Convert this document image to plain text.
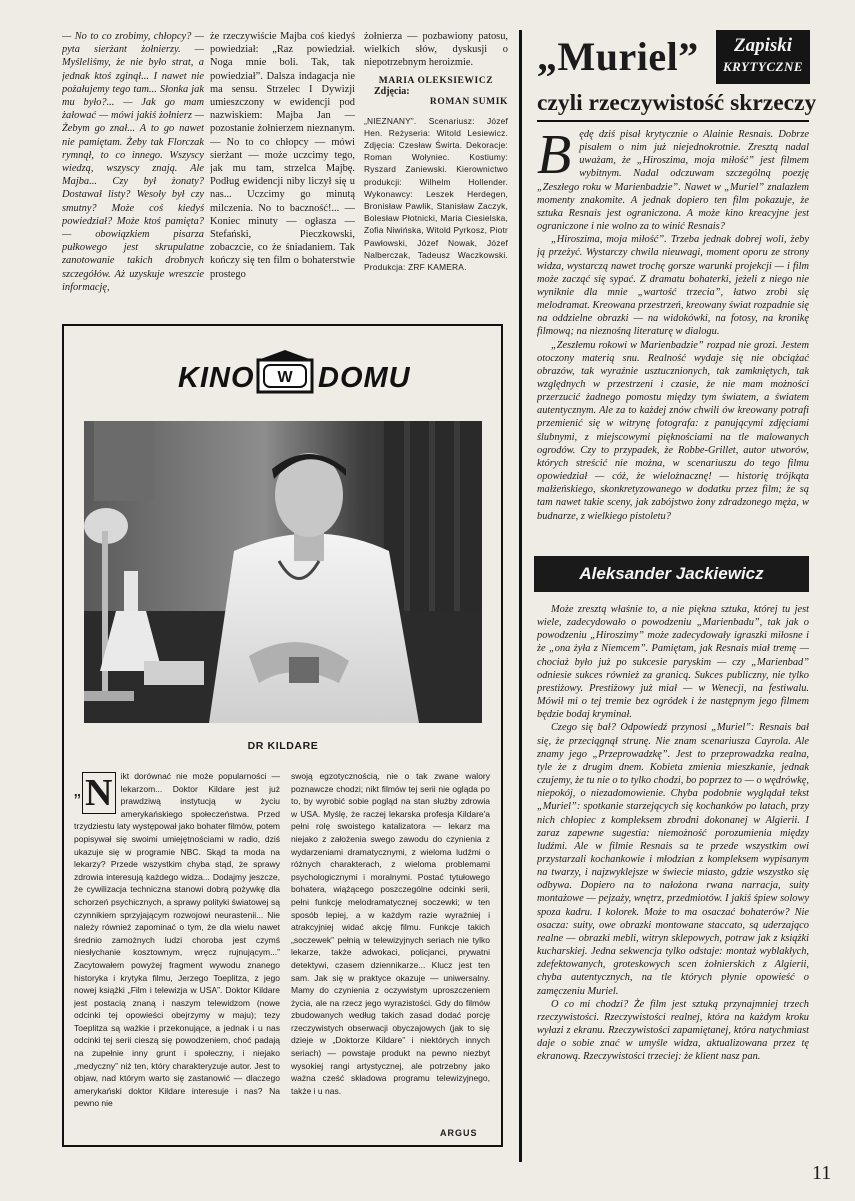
— No to co zrobimy, chłopcy? — pyta sierżant żołnierzy. — Myśleliśmy, że nie było strat, a jednak ktoś zginął... I nawet nie pożałujemy tego tam... Słonka jak mu było?... — Jak go mam żałować — mówi jakiś żołnierz — Żebym go znał... A to go nawet nie pamiętam. Żeby tak Florczak rymnął, to co innego. Wszyscy wiedzą, wszyscy znają. Ale Majba... Czy był żonaty? Dostawał listy? Wesoły był czy smutny? Może coś kiedyś powiedział? Może ktoś pamięta? — obowiązkiem pisarza pułkowego jest skrupulatne zanotowanie takich drobnych szczegółów. Aż uzyskuje wreszcie informację,

że rzeczywiście Majba coś kiedyś powiedział: „Raz powiedział. Noga mnie boli. Tak, tak powiedział”. Dalsza indagacja nie ma sensu. Strzelec I Dywizji umieszczony w ewidencji pod nazwiskiem: Majba Jan — pozostanie żołnierzem nieznanym. — No to co chłopcy — mówi sierżant — może uczcimy tego, jak mu tam, strzelca Majbę. Podług ewidencji niby liczył się u nas... Uczcimy go minutą milczenia. No to baczność!... — Koniec minuty — ogłasza — Stefański, Pieczkowski, zobaczcie, co że śniadaniem. Tak kończy się ten film o bohaterstwie prostego

żołnierza — pozbawiony patosu, wielkich słów, dyskusji o niepotrzebnym heroizmie.

MARIA OLEKSIEWICZ
Zdjęcia:
ROMAN SUMIK

„NIEZNANY”. Scenariusz: Józef Hen. Reżyseria: Witold Lesiewicz. Zdjęcia: Czesław Świrta. Dekoracje: Roman Wołyniec. Kostiumy: Ryszard Zaniewski. Kierownictwo produkcji: Wilhelm Hollender. Wykonawcy: Leszek Herdegen, Bronisław Pawlik, Stanisław Zaczyk, Bolesław Płotnicki, Maria Ciesielska, Zofia Niwińska, Witold Pyrkosz, Piotr Pawłowski, Józef Nowak, Józef Nalberczak, Tadeusz Waczkowski. Produkcja: ZRF KAMERA.

KINO W DOMU
DR KILDARE
„ N ikt dorównać nie może popularności — lekarzom... Doktor Kildare jest już prawdziwą instytucją w życiu amerykańskiego społeczeństwa. Przed trzydziestu laty występował jako bohater filmów, potem popisywał się swoimi umiejętnościami w radio, dziś ukazuje się w programie NBC. Skąd ta moda na lekarzy? Przede wszystkim chyba stąd, że sprawy zdrowia interesują każdego widza... Dodajmy jeszcze, że cywilizacja techniczna stanowi dobrą pożywkę dla schorzeń psychicznych, a sprawy polityki światowej są czynnikiem sprzyjającym rozwojowi neurastenii... Nie należy również zapominać o tym, że dla wielu nawet średnio zamożnych ludzi choroba jest czymś niesłychanie kosztownym, wręcz rujnującym...” Zacytowałem powyżej fragment wywodu znanego historyka i krytyka filmu, Jerzego Toeplitza, z jego nowej książki „Film i telewizja w USA”. Doktor Kildare jest postacią znaną i naszym telewidzom (nowe odcinki tej opowieści obejrzymy w maju); tezy Toeplitza są ważkie i przekonujące, a jednak i u nas odcinki tej serii cieszą się powodzeniem, choć padają na zupełnie inny grunt i społeczny, i niejako „medyczny” niż ten, który charakteryzuje autor. Jest to objaw, nad którym warto się zastanowić — dlaczego amerykański doktor Kildare interesuje i nas? Na pewno nie

swoją egzotycznością, nie o tak zwane walory poznawcze chodzi; nikt filmów tej serii nie ogląda po to, by wyrobić sobie pogląd na stan służby zdrowia w USA. Myślę, że raczej lekarska profesja Kildare'a pełni rolę swoistego katalizatora — lekarz ma niejako z założenia swego zawodu do czynienia z wydarzeniami dramatycznymi, z wieloma ludźmi o różnych charakterach, z wieloma problemami psychologicznymi i moralnymi. Postać tytułowego bohatera, wiążącego poszczególne odcinki serii, pełni funkcję melodramatycznej soczewki; w ten sposób lepiej, a w każdym razie wyraźniej i atrakcyjniej widać akcję filmu. Funkcje takich „soczewek” pełnią w telewizyjnych seriach nie tylko lekarze, także adwokaci, policjanci, prywatni detektywi, czasem dziennikarze... Klucz jest ten sam. Jak się w praktyce okazuje — uniwersalny. Mamy do czynienia z oczywistym uproszczeniem życia, ale na rzecz jego wyrazistości. Gdy do filmów zbudowanych według takich zasad dodać porcję rzeczywistych obserwacji obyczajowych (jak to się dzieje w „Doktorze Kildare” i niektórych innych seriach) — powstaje produkt na pewno niezbyt wysokiej rangi artystycznej, ale potrzebny jako ważna cześć składowa programu telewizyjnego, także i u nas.

ARGUS
„Muriel”	Zapiski
KRYTYCZNE
czyli rzeczywistość skrzeczy
B ędę dziś pisał krytycznie o Alainie Resnais. Dobrze pisałem o nim już niejednokrotnie. Zresztą nadal uważam, że „Hiroszima, moja miłość” jest filmem wybitnym. Nadal odczuwam szczególną poezję „Zeszłego roku w Marienbadzie”. Nawet w „Muriel” znalazłem momenty znakomite. A jednak dopiero ten film pokazuje, że sztuka Resnais jest ograniczona. A może kino kreacyjne jest ograniczone i nie wolno za to winić Resnais?

„Hiroszima, moja miłość”. Trzeba jednak dobrej woli, żeby ją przeżyć. Wystarczy chwila nieuwagi, moment oporu ze strony widza, wystarczą nawet trochę gorsze warunki projekcji — i film może zacząć się sypać. Z dramatu bohaterki, jeżeli z niego nie wyniknie dla mnie „wartość trzecia”, łatwo zrobi się melodramat. Kreowana przestrzeń, kreowany świat rozpadnie się na oddzielne obrazki — na widokówki, na fotosy, na kronikę filmową; na nieznośną literaturę w dialogu.

„Zeszłemu rokowi w Marienbadzie” rozpad nie grozi. Jestem otoczony materią snu. Realność wydaje się nie obciążać obrazów, tak wyraźnie usztucznionych, tak zamkniętych, tak względnych w przestrzeni i czasie, że nie mam możności przerzucić żadnego pomostu między tym światem, a światem autentycznym. Ale za to każdej znów chwili ów kreowany potrafi przemienić się w witrynę fotografa: z panującymi zdjęciami ślubnymi, z miejscowymi pięknościami na tle malowanych ogrodów. Czy to przypadek, że Robbe-Grillet, autor utworów, których streścić nie można, w scenariuszu do tego filmu opowiedział — cóż, że wielożnacznę! — historię trójkąta małżeńskiego, skonkretyzowanego w dodatku przez film; że są tam nawet takie sceny, jak zabójstwo żony zdradzonego męża, w budnarze, z wielkiego pistoletu?

Aleksander Jackiewicz

Może zresztą właśnie to, a nie piękna sztuka, której tu jest wiele, zadecydowało o powodzeniu „Marienbadu”, tak jak o powodzeniu „Hiroszimy” może zadecydowały igraszki miłosne i że „ona żyła z Niemcem”. Pamiętam, jak Resnais miał tremę — chociaż było już po sukcesie paryskim — czy „Marienbad” odniesie sukces również za granicą. Sukces publiczny, nie tylko prestiżowy. Prestiżowy już miał — w Wenecji, na festiwalu. Mówił mi o tej tremie bez ogródek i że następnym jego filmem będzie bodaj kryminał.

Czego się bał? Odpowiedź przynosi „Muriel”: Resnais bał się, że przeciągnął strunę. Nie znam scenariusza Cayrola. Ale znamy jego „Przeprowadzkę”. Jest to przeprowadzka realna, tyle że z drugim dnem. Kobieta zmienia mieszkanie, jednak czujemy, że tu nie o to tylko chodzi, bo poprzez to — o wędrówkę, niepokój, o niezadomowienie. Chyba podobnie wyglądał tekst „Muriel”: spotkanie starzejących się kochanków po latach, przy nich chłopiec z kompleksem zbrodni dokonanej w Algierii. I zaraz zapewne sugestia: niemożność porozumienia między ludźmi. Ale w filmie Resnais sa te przede wszystkim owi przystarzali kochankowie i młodzian z kompleksem wypisanym na twarzy, i najzwyklejsze w świecie miasto, gdzie wszystko się odbywa. Dopiero na to nałożona rwana narracja, suity montażowe — pejzaży, wnętrz, przedmiotów. I jakiś śpiew solowy spoza kadru. I kolorek. Może to ma osaczać bohaterów? Nie osacza: suity, owe obrazki montowane staccato, są uderzająco realne — obrazki mebli, witryn sklepowych, potraw jak z książki kucharskiej. Jedna sekwencja tylko odstaje: montaż wyblakłych, zdefektowanych, groteskowych scen żołnierskich z Algierii, chyba autentycznych, na tle których płynie opowieść o zamęczeniu Muriel.

O co mi chodzi? Że film jest sztuką przynajmniej trzech rzeczywistości. Rzeczywistości realnej, która na każdym kroku wyłazi z ekranu. Rzeczywistości zapamiętanej, która natychmiast daje o sobie znać w umyśle widza, aktualizowana przez tę ekranową. Rzeczywistości trzeciej: że klient nasz pan.

11
